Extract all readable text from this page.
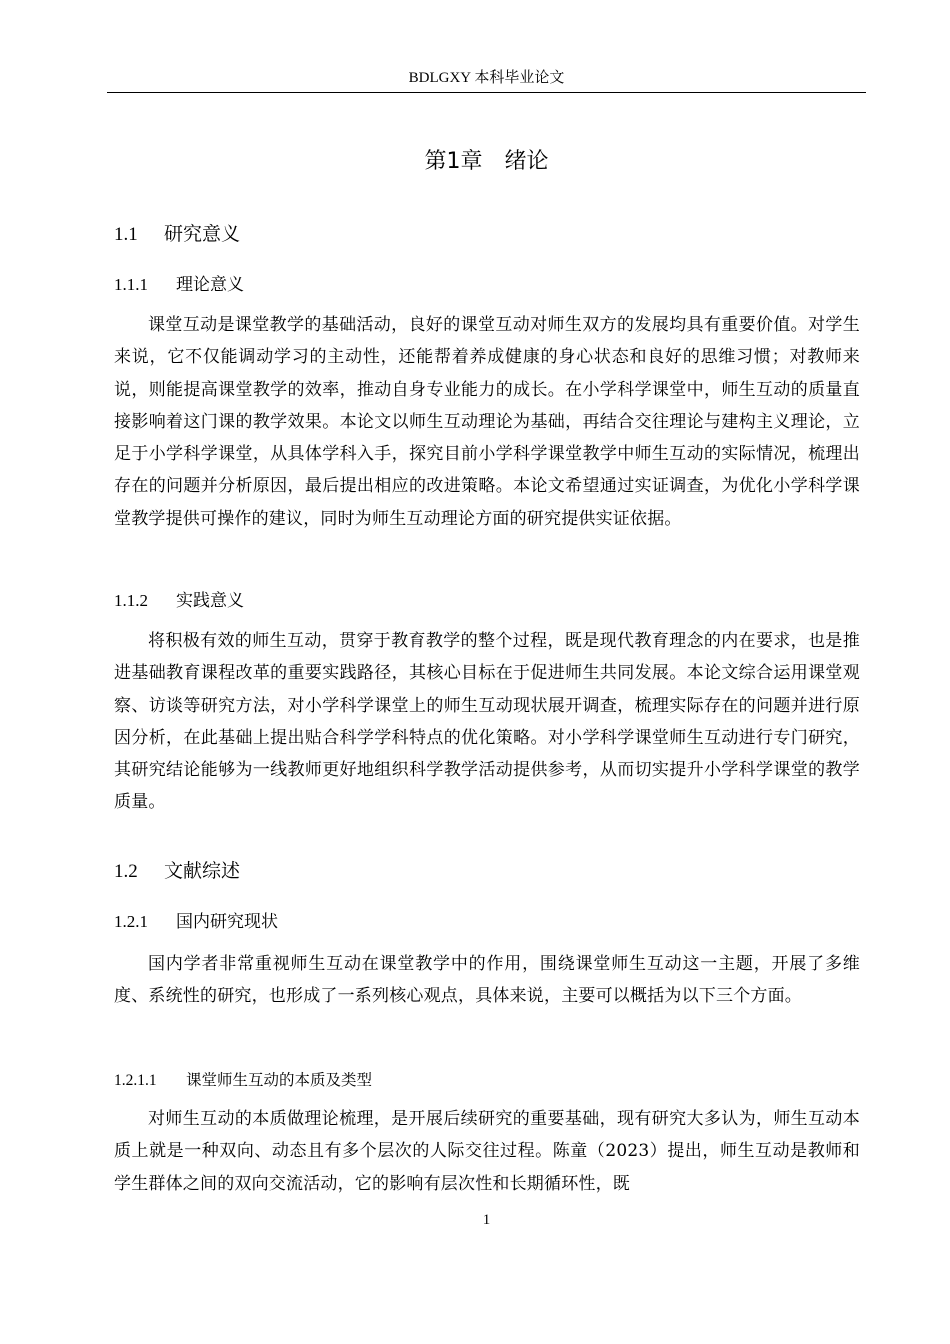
BDLGXY 本科毕业论文
第1章　绪论
1.1 研究意义
1.1.1 理论意义

课堂互动是课堂教学的基础活动，良好的课堂互动对师生双方的发展均具有重要价值。对学生来说，它不仅能调动学习的主动性，还能帮着养成健康的身心状态和良好的思维习惯；对教师来说，则能提高课堂教学的效率，推动自身专业能力的成长。在小学科学课堂中，师生互动的质量直接影响着这门课的教学效果。本论文以师生互动理论为基础，再结合交往理论与建构主义理论，立足于小学科学课堂，从具体学科入手，探究目前小学科学课堂教学中师生互动的实际情况，梳理出存在的问题并分析原因，最后提出相应的改进策略。本论文希望通过实证调查，为优化小学科学课堂教学提供可操作的建议，同时为师生互动理论方面的研究提供实证依据。

1.1.2 实践意义

将积极有效的师生互动，贯穿于教育教学的整个过程，既是现代教育理念的内在要求，也是推进基础教育课程改革的重要实践路径，其核心目标在于促进师生共同发展。本论文综合运用课堂观察、访谈等研究方法，对小学科学课堂上的师生互动现状展开调查，梳理实际存在的问题并进行原因分析，在此基础上提出贴合科学学科特点的优化策略。对小学科学课堂师生互动进行专门研究，其研究结论能够为一线教师更好地组织科学教学活动提供参考，从而切实提升小学科学课堂的教学质量。

1.2 文献综述
1.2.1 国内研究现状

国内学者非常重视师生互动在课堂教学中的作用，围绕课堂师生互动这一主题，开展了多维度、系统性的研究，也形成了一系列核心观点，具体来说，主要可以概括为以下三个方面。

1.2.1.1 课堂师生互动的本质及类型

对师生互动的本质做理论梳理，是开展后续研究的重要基础，现有研究大多认为，师生互动本质上就是一种双向、动态且有多个层次的人际交往过程。陈童（2023）提出，师生互动是教师和学生群体之间的双向交流活动，它的影响有层次性和长期循环性，既

1
